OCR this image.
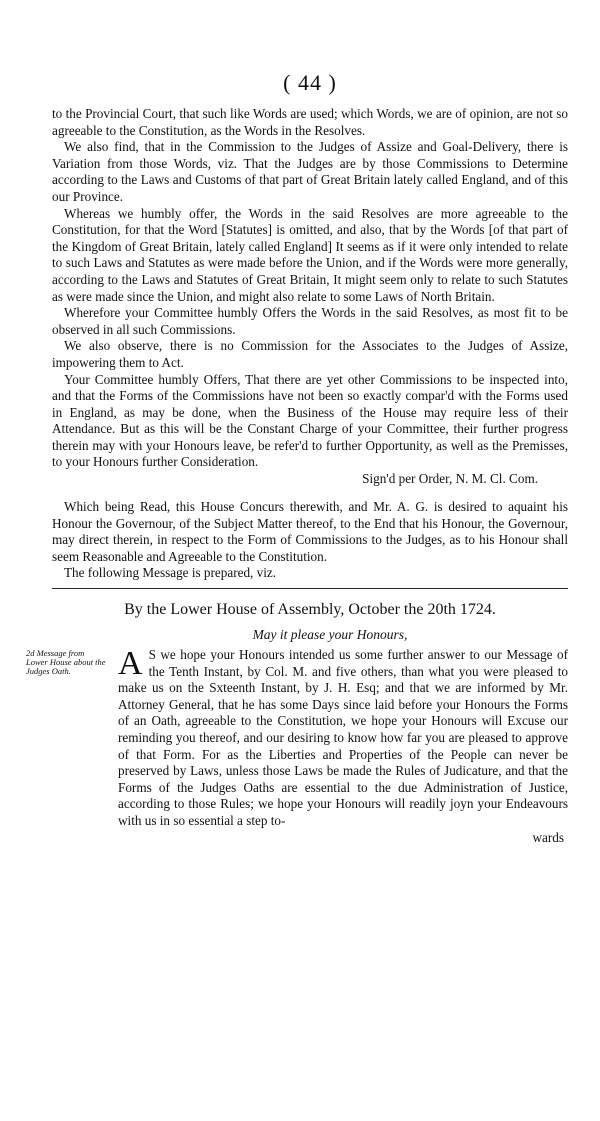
( 44 )

to the Provincial Court, that such like Words are used; which Words, we are of opinion, are not so agreeable to the Constitution, as the Words in the Resolves.

We also find, that in the Commission to the Judges of Assize and Goal-Delivery, there is Variation from those Words, viz. That the Judges are by those Commissions to Determine according to the Laws and Customs of that part of Great Britain lately called England, and of this our Province.

Whereas we humbly offer, the Words in the said Resolves are more agreeable to the Constitution, for that the Word [Statutes] is omitted, and also, that by the Words [of that part of the Kingdom of Great Britain, lately called England] It seems as if it were only intended to relate to such Laws and Statutes as were made before the Union, and if the Words were more generally, according to the Laws and Statutes of Great Britain, It might seem only to relate to such Statutes as were made since the Union, and might also relate to some Laws of North Britain.

Wherefore your Committee humbly Offers the Words in the said Resolves, as most fit to be observed in all such Commissions.

We also observe, there is no Commission for the Associates to the Judges of Assize, impowering them to Act.

Your Committee humbly Offers, That there are yet other Commissions to be inspected into, and that the Forms of the Commissions have not been so exactly compar'd with the Forms used in England, as may be done, when the Business of the House may require less of their Attendance. But as this will be the Constant Charge of your Committee, their further progress therein may with your Honours leave, be refer'd to further Opportunity, as well as the Premisses, to your Honours further Consideration.

Sign'd per Order, N. M. Cl. Com.

Which being Read, this House Concurs therewith, and Mr. A. G. is desired to aquaint his Honour the Governour, of the Subject Matter thereof, to the End that his Honour, the Governour, may direct therein, in respect to the Form of Commissions to the Judges, as to his Honour shall seem Reasonable and Agreeable to the Constitution.

The following Message is prepared, viz.

By the Lower House of Assembly, October the 20th 1724.
May it please your Honours,
2d Message from Lower House about the Judges Oath.	A S we hope your Honours intended us some further answer to our Message of the Tenth Instant, by Col. M. and five others, than what you were pleased to make us on the Sxteenth Instant, by J. H. Esq; and that we are informed by Mr. Attorney General, that he has some Days since laid before your Honours the Forms of an Oath, agreeable to the Constitution, we hope your Honours will Excuse our reminding you thereof, and our desiring to know how far you are pleased to approve of that Form. For as the Liberties and Properties of the People can never be preserved by Laws, unless those Laws be made the Rules of Judicature, and that the Forms of the Judges Oaths are essential to the due Administration of Justice, according to those Rules; we hope your Honours will readily joyn your Endeavours with us in so essential a step to-

wards
